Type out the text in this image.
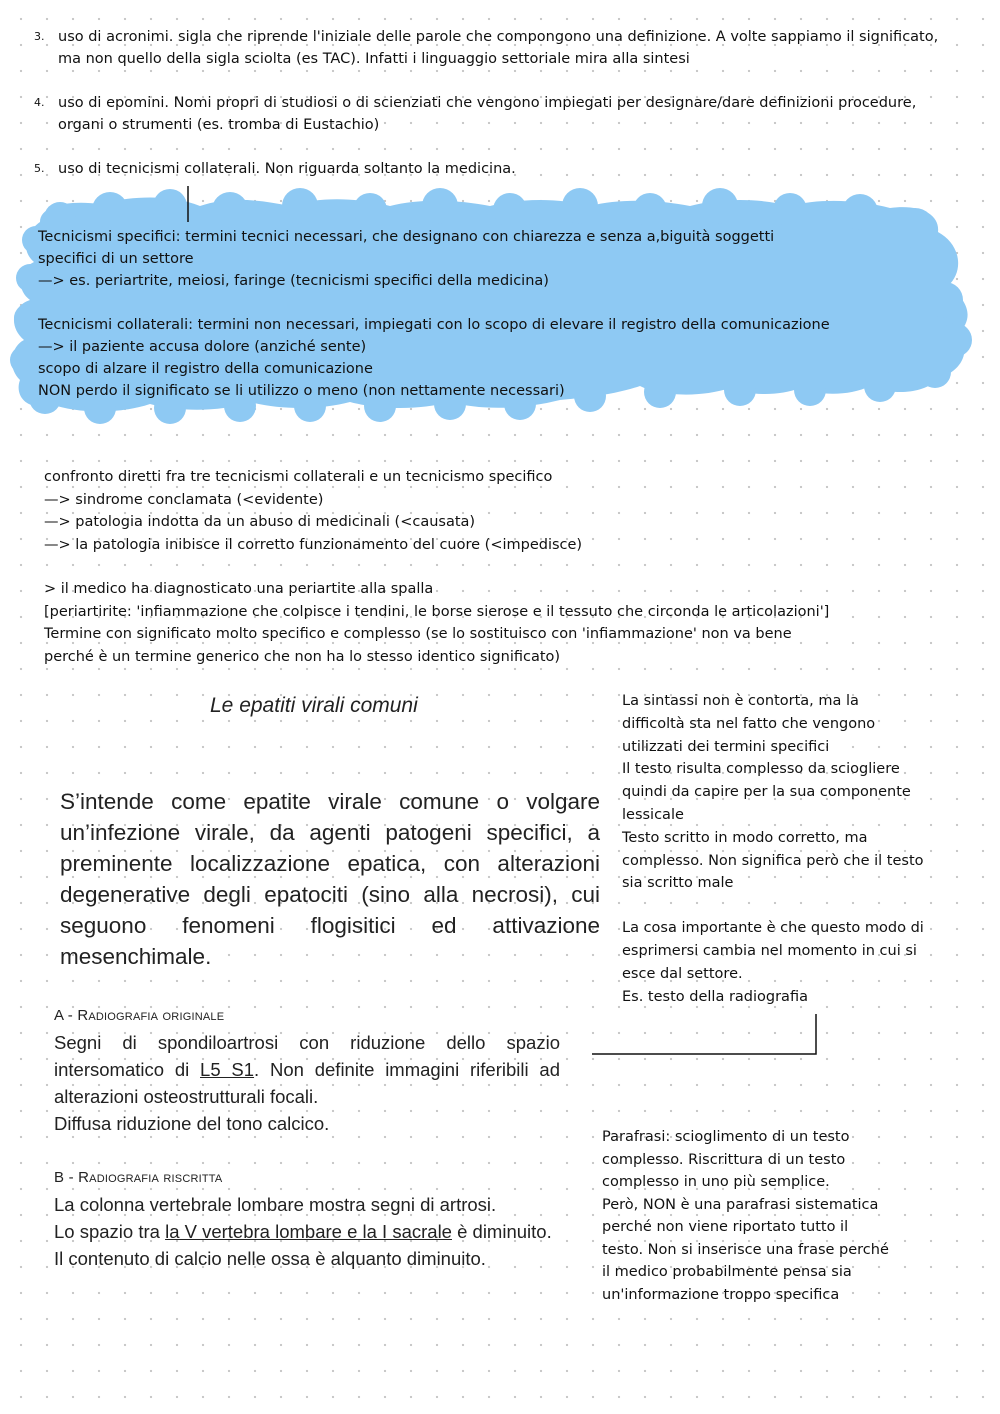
3. uso di acronimi. sigla che riprende l'iniziale delle parole che compongono una definizione. A volte sappiamo il significato, ma non quello della sigla sciolta (es TAC). Infatti i linguaggio settoriale mira alla sintesi
4. uso di epomini. Nomi propri di studiosi o di scienziati che vengono impiegati per designare/dare definizioni procedure, organi o strumenti (es. tromba di Eustachio)
5. uso di tecnicismi collaterali. Non riguarda soltanto la medicina.
Tecnicismi specifici: termini tecnici necessari, che designano con chiarezza e senza a,biguità soggetti
specifici di un settore
—> es. periartrite, meiosi, faringe (tecnicismi specifici della medicina)
Tecnicismi collaterali: termini non necessari, impiegati con lo scopo di elevare il registro della comunicazione
—> il paziente accusa dolore (anziché sente)
scopo di alzare il registro della comunicazione
NON perdo il significato se li utilizzo o meno (non nettamente necessari)
confronto diretti fra tre tecnicismi collaterali e un tecnicismo specifico
—> sindrome conclamata (<evidente)
—> patologia indotta da un abuso di medicinali (<causata)
—> la patologia inibisce il corretto funzionamento del cuore (<impedisce)
> il medico ha diagnosticato una periartite alla spalla
[periartirite: 'infiammazione che colpisce i tendini, le borse sierose e il tessuto che circonda le articolazioni']
Termine con significato molto specifico e complesso (se lo sostituisco con 'infiammazione' non va bene
perché è un termine generico che non ha lo stesso identico significato)
Le epatiti virali comuni
S’intende come epatite virale comune o volgare un’infezione virale, da agenti patogeni specifici, a preminente localizzazione epatica, con alterazioni degenerative degli epatociti (sino alla necrosi), cui seguono fenomeni flogisitici ed attivazione mesenchimale.
A - Radiografia originale
Segni di spondiloartrosi con riduzione dello spazio intersomatico di L5 S1. Non definite immagini riferibili ad alterazioni osteostrutturali focali.
Diffusa riduzione del tono calcico.
B - Radiografia riscritta
La colonna vertebrale lombare mostra segni di artrosi.
Lo spazio tra la V vertebra lombare e la I sacrale è diminuito.
Il contenuto di calcio nelle ossa è alquanto diminuito.
La sintassi non è contorta, ma la
difficoltà sta nel fatto che vengono
utilizzati dei termini specifici
Il testo risulta complesso da sciogliere
quindi da capire per la sua componente
lessicale
Testo scritto in modo corretto, ma
complesso. Non significa però che il testo
sia scritto male
La cosa importante è che questo modo di
esprimersi cambia nel momento in cui si
esce dal settore.
Es. testo della radiografia
Parafrasi: scioglimento di un testo
complesso. Riscrittura di un testo
complesso in uno più semplice.
Però, NON è una parafrasi sistematica
perché non viene riportato tutto il
testo. Non si inserisce una frase perché
il medico probabilmente pensa sia
un'informazione troppo specifica
